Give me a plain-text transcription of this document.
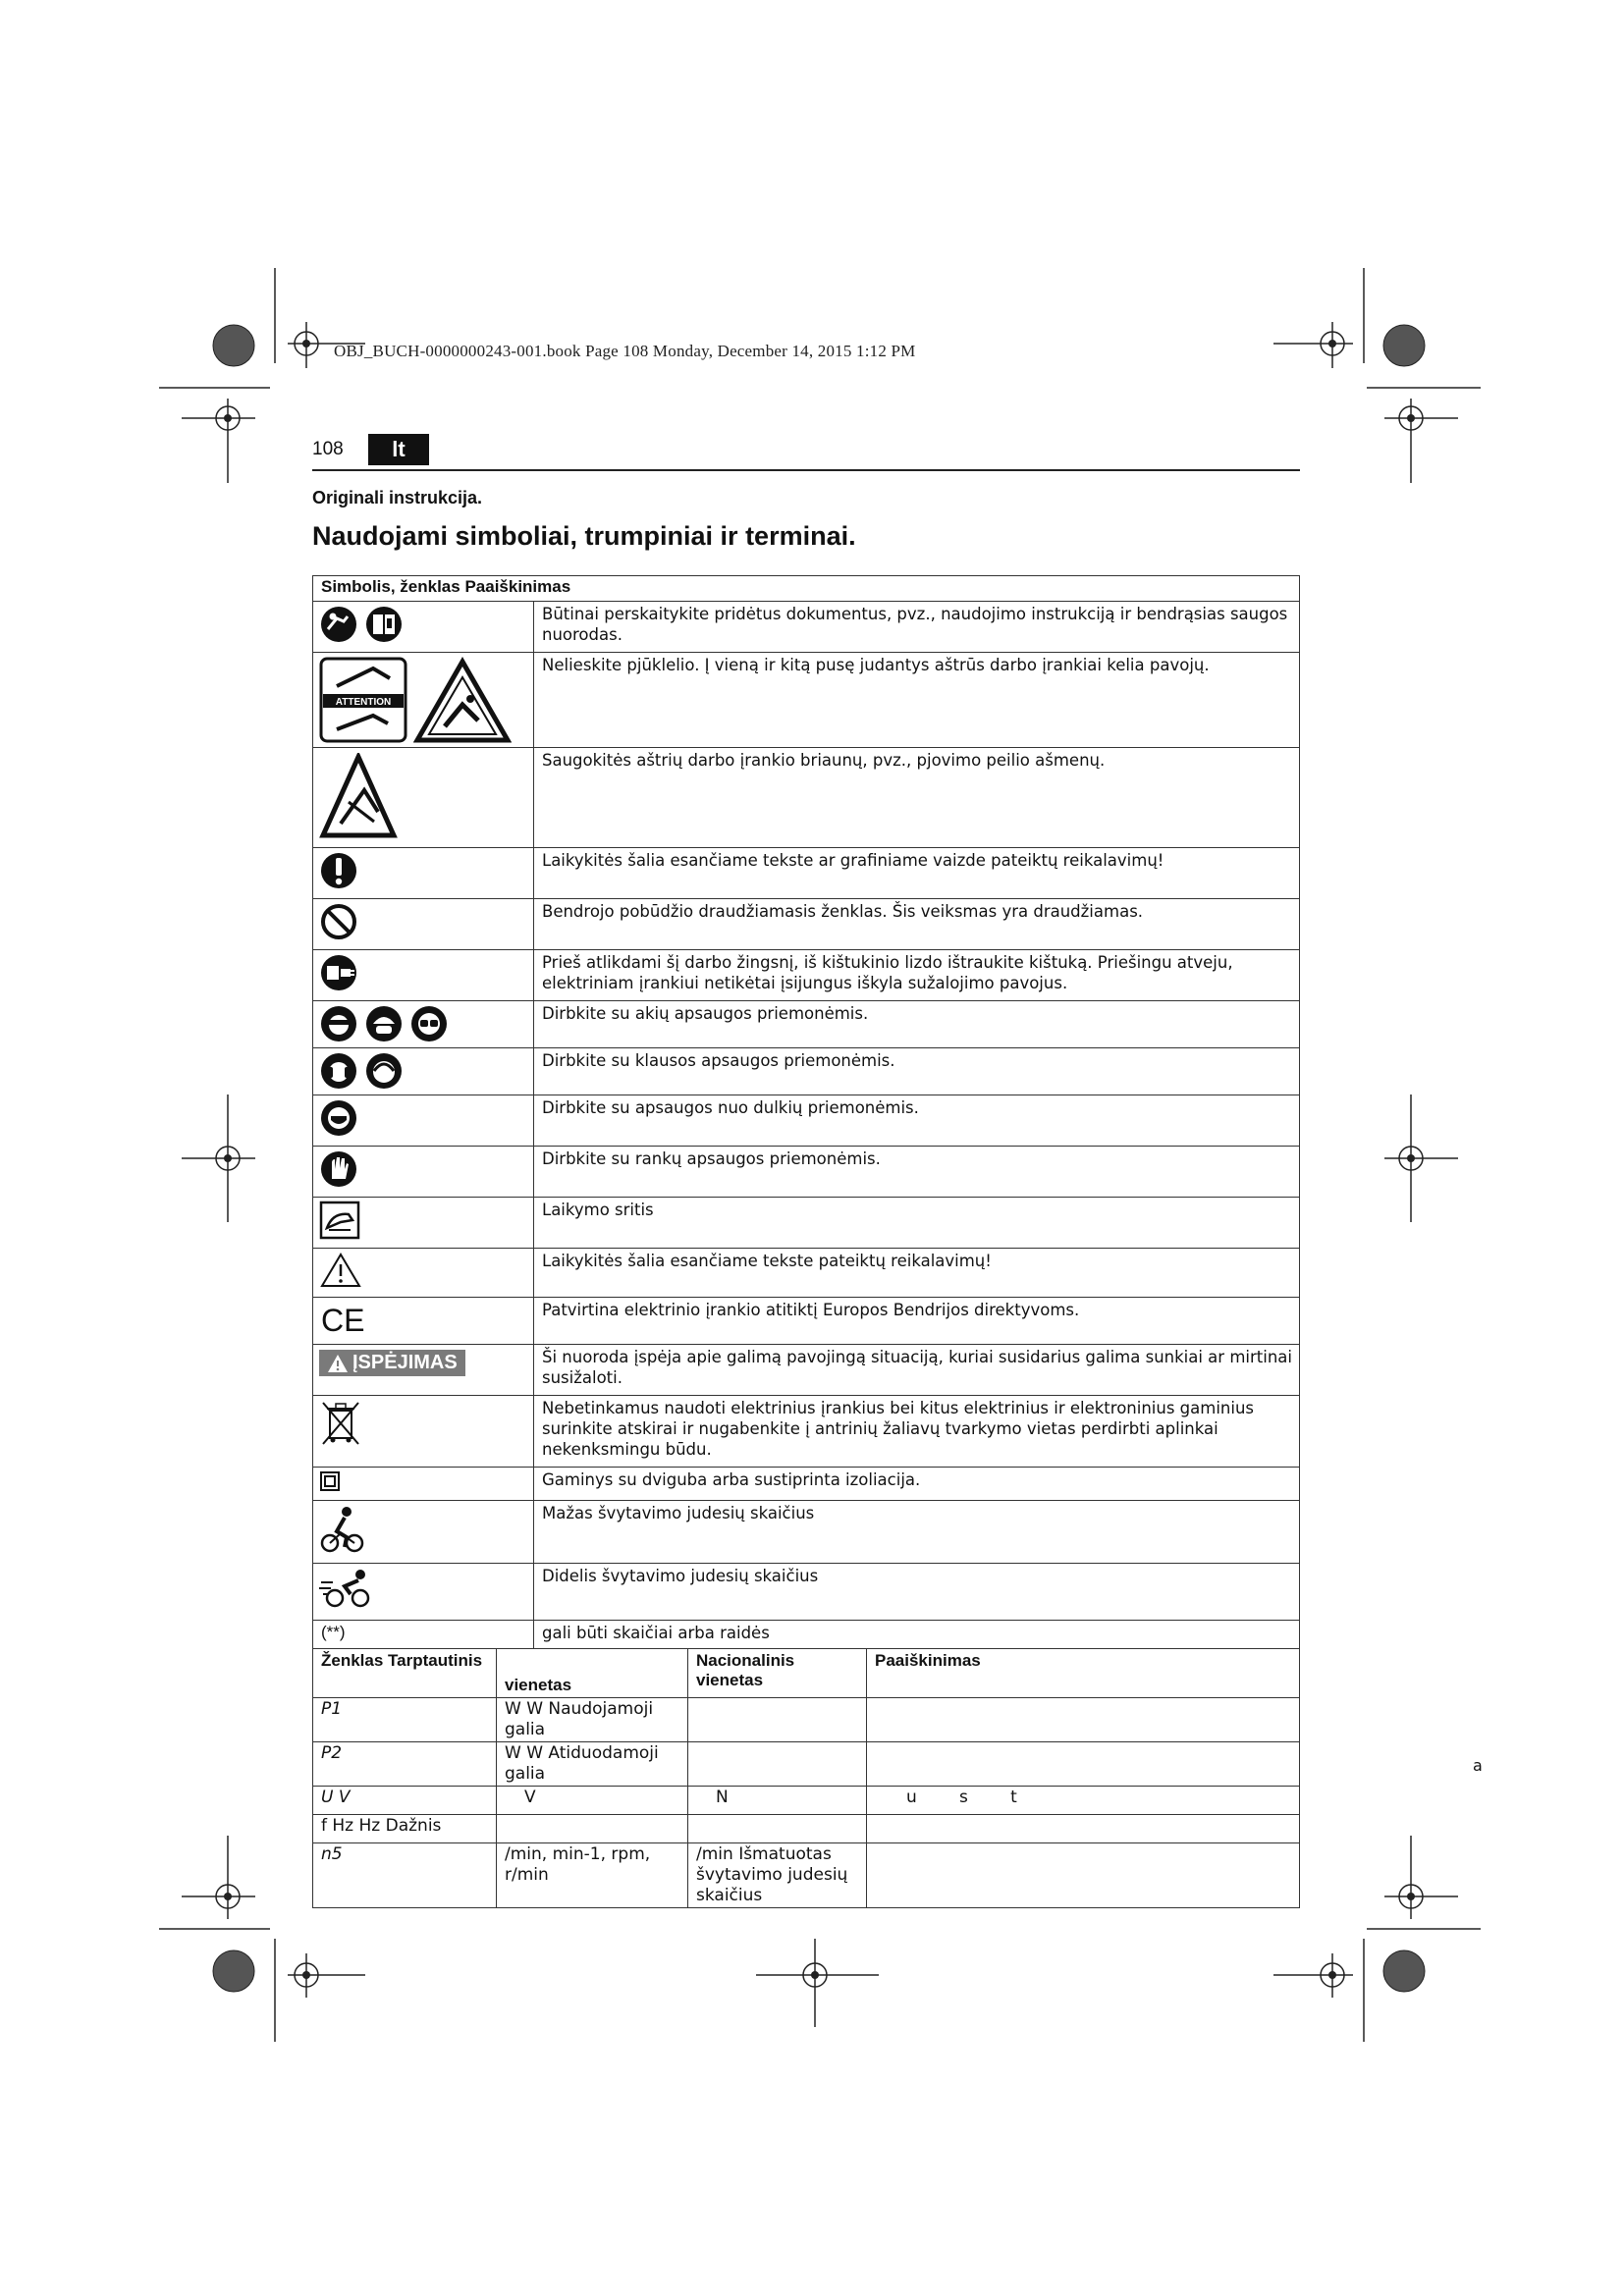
OBJ_BUCH-0000000243-001.book Page 108 Monday, December 14, 2015 1:12 PM
108	lt
Originali instrukcija.
Naudojami simboliai, trumpiniai ir terminai.
Simbolis, ženklas Paaiškinimas	

	Būtinai perskaitykite pridėtus dokumentus, pvz., naudojimo instrukciją ir bendrąsias saugos nuorodas.

ATTENTION	Nelieskite pjūklelio. Į vieną ir kitą pusę judantys aštrūs darbo įrankiai kelia pavojų.
	Saugokitės aštrių darbo įrankio briaunų, pvz., pjovimo peilio ašmenų.
	Laikykitės šalia esančiame tekste ar grafiniame vaizde pateiktų reikalavimų!
	Bendrojo pobūdžio draudžiamasis ženklas. Šis veiksmas yra draudžiamas.
	Prieš atlikdami šį darbo žingsnį, iš kištukinio lizdo ištraukite kištuką. Priešingu atveju, elektriniam įrankiui netikėtai įsijungus iškyla sužalojimo pavojus.

	Dirbkite su akių apsaugos priemonėmis.

	Dirbkite su klausos apsaugos priemonėmis.
	Dirbkite su apsaugos nuo dulkių priemonėmis.
	Dirbkite su rankų apsaugos priemonėmis.
	Laikymo sritis
	Laikykitės šalia esančiame tekste pateiktų reikalavimų!

CE	Patvirtina elektrinio įrankio atitiktį Europos Bendrijos direktyvoms.

ĮSPĖJIMAS	Ši nuoroda įspėja apie galimą pavojingą situaciją, kuriai susidarius galima sunkiai ar mirtinai susižaloti.
	Nebetinkamus naudoti elektrinius įrankius bei kitus elektrinius ir elektroninius gaminius surinkite atskirai ir nugabenkite į antrinių žaliavų tvarkymo vietas perdirbti aplinkai nekenksmingu būdu.
	Gaminys su dviguba arba sustiprinta izoliacija.
	Mažas švytavimo judesių skaičius
	Didelis švytavimo judesių skaičius
(**)	gali būti skaičiai arba raidės
Ženklas Tarptautinis	vienetas	Nacionalinis vienetas	Paaiškinimas
P1	W W Naudojamoji galia		
P2	W W Atiduodamoji galia		
U V	V	N	u        s        t
f Hz Hz Dažnis			
n5	/min, min-1, rpm, r/min	/min Išmatuotas švytavimo judesių skaičius	
a
